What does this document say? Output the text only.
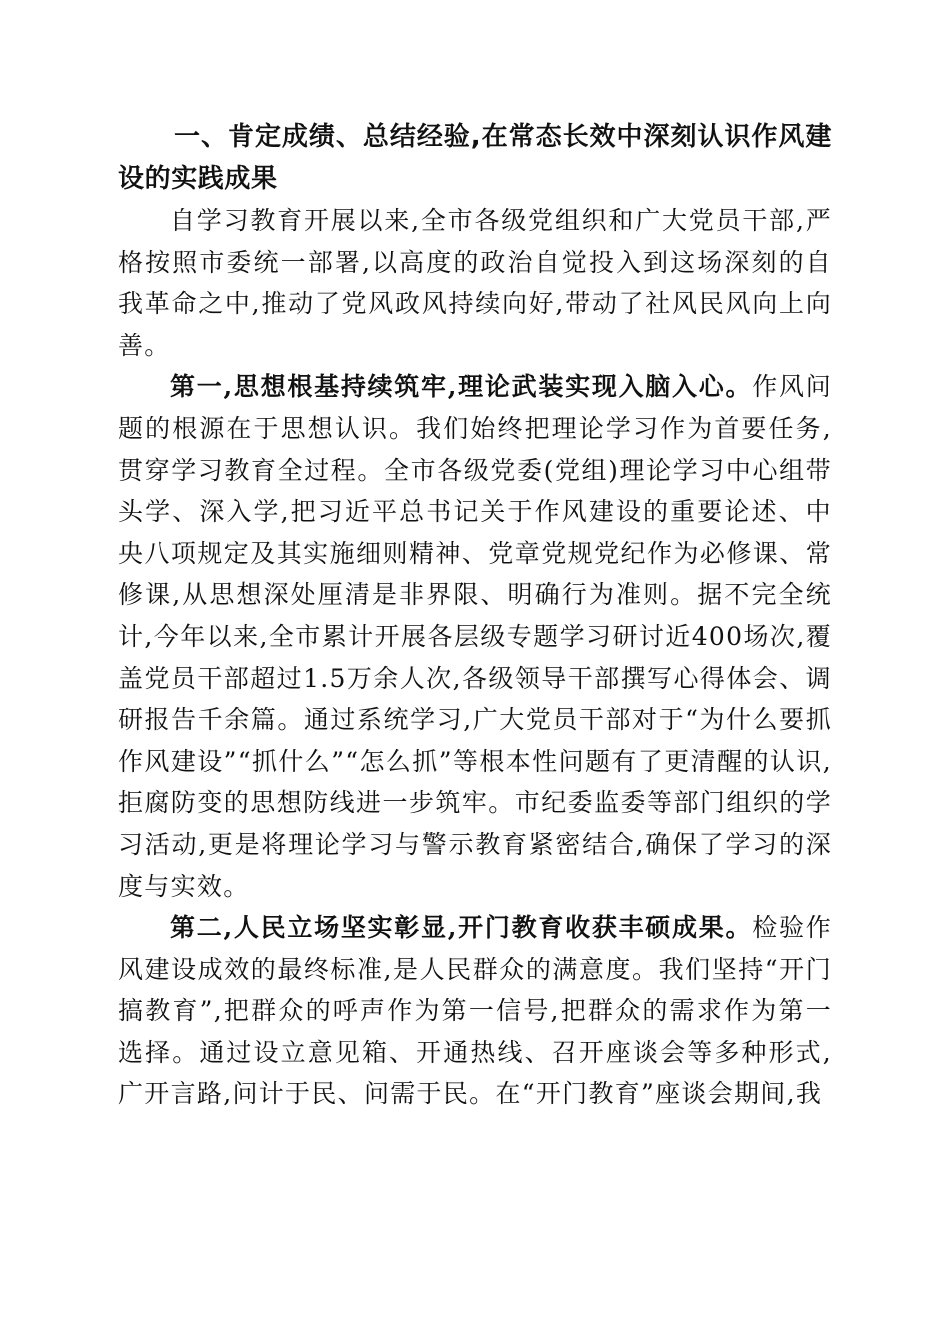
一、肯定成绩、总结经验,在常态长效中深刻认识作风建设的实践成果

自学习教育开展以来,全市各级党组织和广大党员干部,严格按照市委统一部署,以高度的政治自觉投入到这场深刻的自我革命之中,推动了党风政风持续向好,带动了社风民风向上向善。

第一,思想根基持续筑牢,理论武装实现入脑入心。作风问题的根源在于思想认识。我们始终把理论学习作为首要任务,贯穿学习教育全过程。全市各级党委(党组)理论学习中心组带头学、深入学,把习近平总书记关于作风建设的重要论述、中央八项规定及其实施细则精神、党章党规党纪作为必修课、常修课,从思想深处厘清是非界限、明确行为准则。据不完全统计,今年以来,全市累计开展各层级专题学习研讨近400场次,覆盖党员干部超过1.5万余人次,各级领导干部撰写心得体会、调研报告千余篇。通过系统学习,广大党员干部对于“为什么要抓作风建设”“抓什么”“怎么抓”等根本性问题有了更清醒的认识,拒腐防变的思想防线进一步筑牢。市纪委监委等部门组织的学习活动,更是将理论学习与警示教育紧密结合,确保了学习的深度与实效。

第二,人民立场坚实彰显,开门教育收获丰硕成果。检验作风建设成效的最终标准,是人民群众的满意度。我们坚持“开门搞教育”,把群众的呼声作为第一信号,把群众的需求作为第一选择。通过设立意见箱、开通热线、召开座谈会等多种形式,广开言路,问计于民、问需于民。在“开门教育”座谈会期间,我
